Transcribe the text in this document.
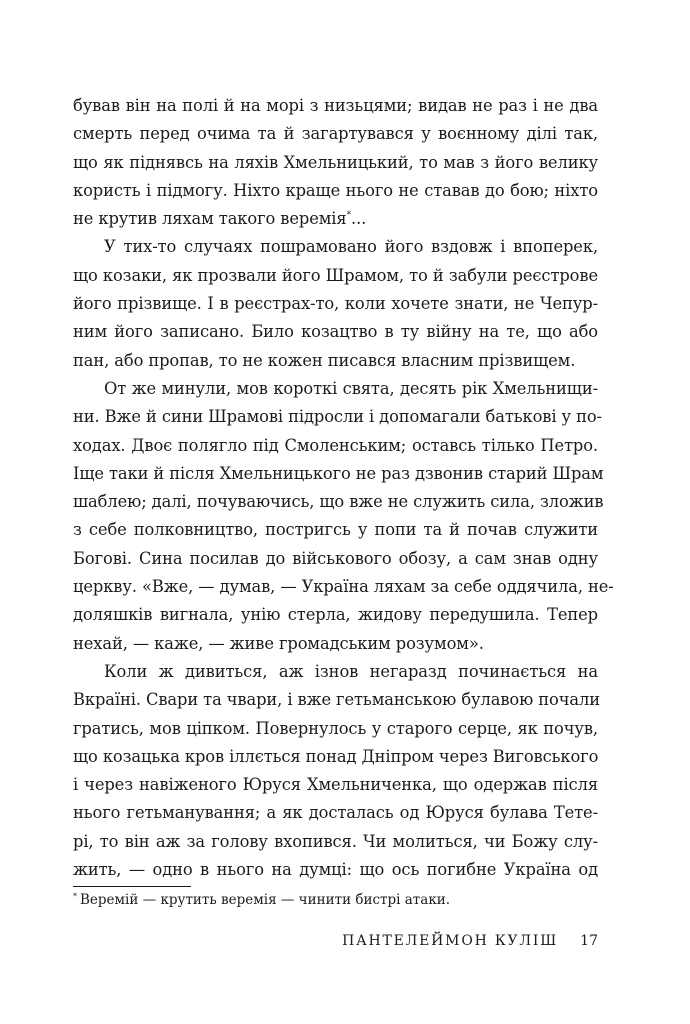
бував він на полі й на морі з низьцями; видав не раз і не два
смерть перед очима та й загартувався у воєнному ділі так,
що як піднявсь на ляхів Хмельницький, то мав з його велику
користь і підмогу. Ніхто краще нього не ставав до бою; ніхто
не крутив ляхам такого веремія*...
У тих-то случаях пошрамовано його вздовж і впоперек,
що козаки, як прозвали його Шрамом, то й забули реєстрове
його прізвище. І в реєстрах-то, коли хочете знати, не Чепур-
ним його записано. Било козацтво в ту війну на те, що або
пан, або пропав, то не кожен писався власним прізвищем.
От же минули, мов короткі свята, десять рік Хмельнищи-
ни. Вже й сини Шрамові підросли і допомагали батькові у по-
ходах. Двоє полягло під Смоленським; оставсь тілько Петро.
Іще таки й після Хмельницького не раз дзвонив старий Шрам
шаблею; далі, почуваючись, що вже не служить сила, зложив
з себе полковництво, постригсь у попи та й почав служити
Богові. Сина посилав до військового обозу, а сам знав одну
церкву. «Вже, — думав, — Україна ляхам за себе оддячила, не-
доляшків вигнала, унію стерла, жидову передушила. Тепер
нехай, — каже, — живе громадським розумом».
Коли ж дивиться, аж ізнов негаразд починається на
Вкраїні. Свари та чвари, і вже гетьманською булавою почали
гратись, мов ціпком. Повернулось у старого серце, як почув,
що козацька кров іллється понад Дніпром через Виговського
і через навіженого Юруся Хмельниченка, що одержав після
нього гетьманування; а як досталась од Юруся булава Тете-
рі, то він аж за голову вхопився. Чи молиться, чи Божу слу-
жить, — одно в нього на думці: що ось погибне Україна од
* Веремій — крутить веремія — чинити бистрі атаки.
ПАНТЕЛЕЙМОН КУЛІШ 17
